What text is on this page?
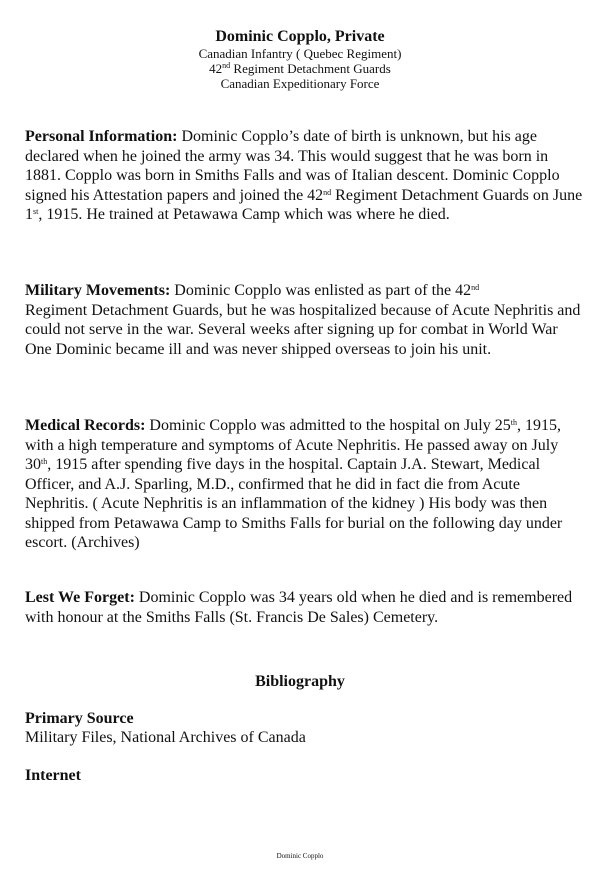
Dominic Copplo, Private
Canadian Infantry ( Quebec Regiment)
42nd Regiment Detachment Guards
Canadian Expeditionary Force
Personal Information: Dominic Copplo’s date of birth is unknown, but his age declared when he joined the army was 34. This would suggest that he was born in 1881. Copplo was born in Smiths Falls and was of Italian descent. Dominic Copplo signed his Attestation papers and joined the 42nd Regiment Detachment Guards on June 1st, 1915. He trained at Petawawa Camp which was where he died.
Military Movements: Dominic Copplo was enlisted as part of the 42nd
Regiment Detachment Guards, but he was hospitalized because of Acute Nephritis and could not serve in the war. Several weeks after signing up for combat in World War One Dominic became ill and was never shipped overseas to join his unit.
Medical Records: Dominic Copplo was admitted to the hospital on July 25th, 1915, with a high temperature and symptoms of Acute Nephritis. He passed away on July 30th, 1915 after spending five days in the hospital. Captain J.A. Stewart, Medical Officer, and A.J. Sparling, M.D., confirmed that he did in fact die from Acute Nephritis. ( Acute Nephritis is an inflammation of the kidney ) His body was then shipped from Petawawa Camp to Smiths Falls for burial on the following day under escort. (Archives)
Lest We Forget: Dominic Copplo was 34 years old when he died and is remembered with honour at the Smiths Falls (St. Francis De Sales) Cemetery.
Bibliography
Primary Source
Military Files, National Archives of Canada
Internet
Dominic Copplo
